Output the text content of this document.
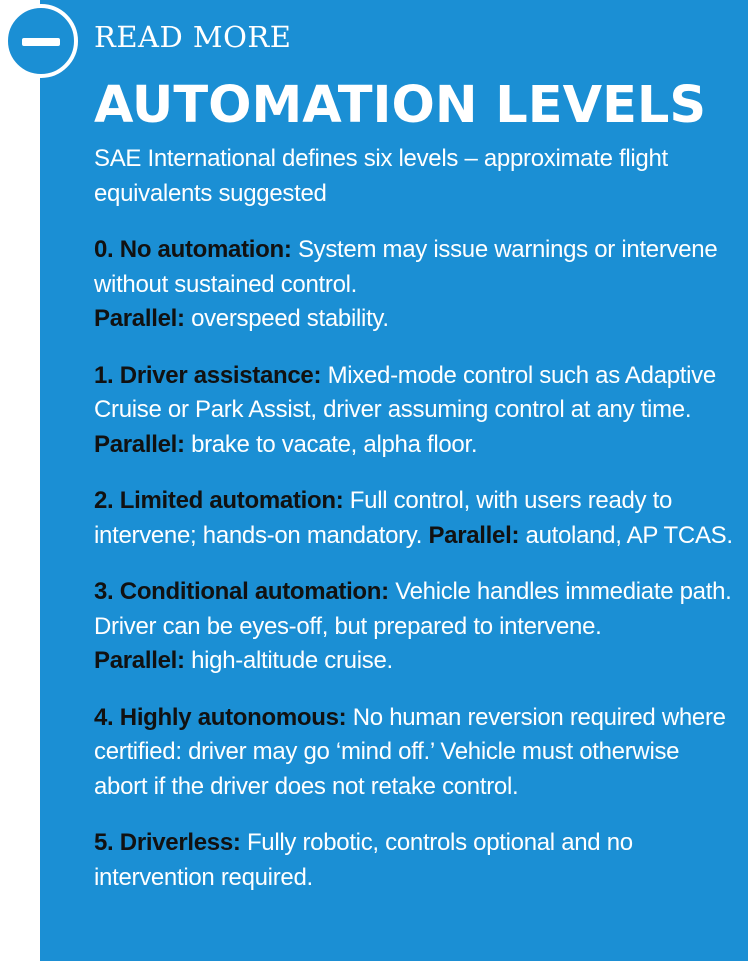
READ MORE
AUTOMATION LEVELS

SAE International defines six levels – approximate flight equivalents suggested

0. No automation: System may issue warnings or intervene without sustained control.
Parallel: overspeed stability.

1. Driver assistance: Mixed-mode control such as Adaptive Cruise or Park Assist, driver assuming control at any time. Parallel: brake to vacate, alpha floor.

2. Limited automation: Full control, with users ready to intervene; hands-on mandatory. Parallel: autoland, AP TCAS.

3. Conditional automation: Vehicle handles immediate path. Driver can be eyes-off, but prepared to intervene.
Parallel: high-altitude cruise.

4. Highly autonomous: No human reversion required where certified: driver may go ‘mind off.’ Vehicle must otherwise abort if the driver does not retake control.

5. Driverless: Fully robotic, controls optional and no intervention required.
